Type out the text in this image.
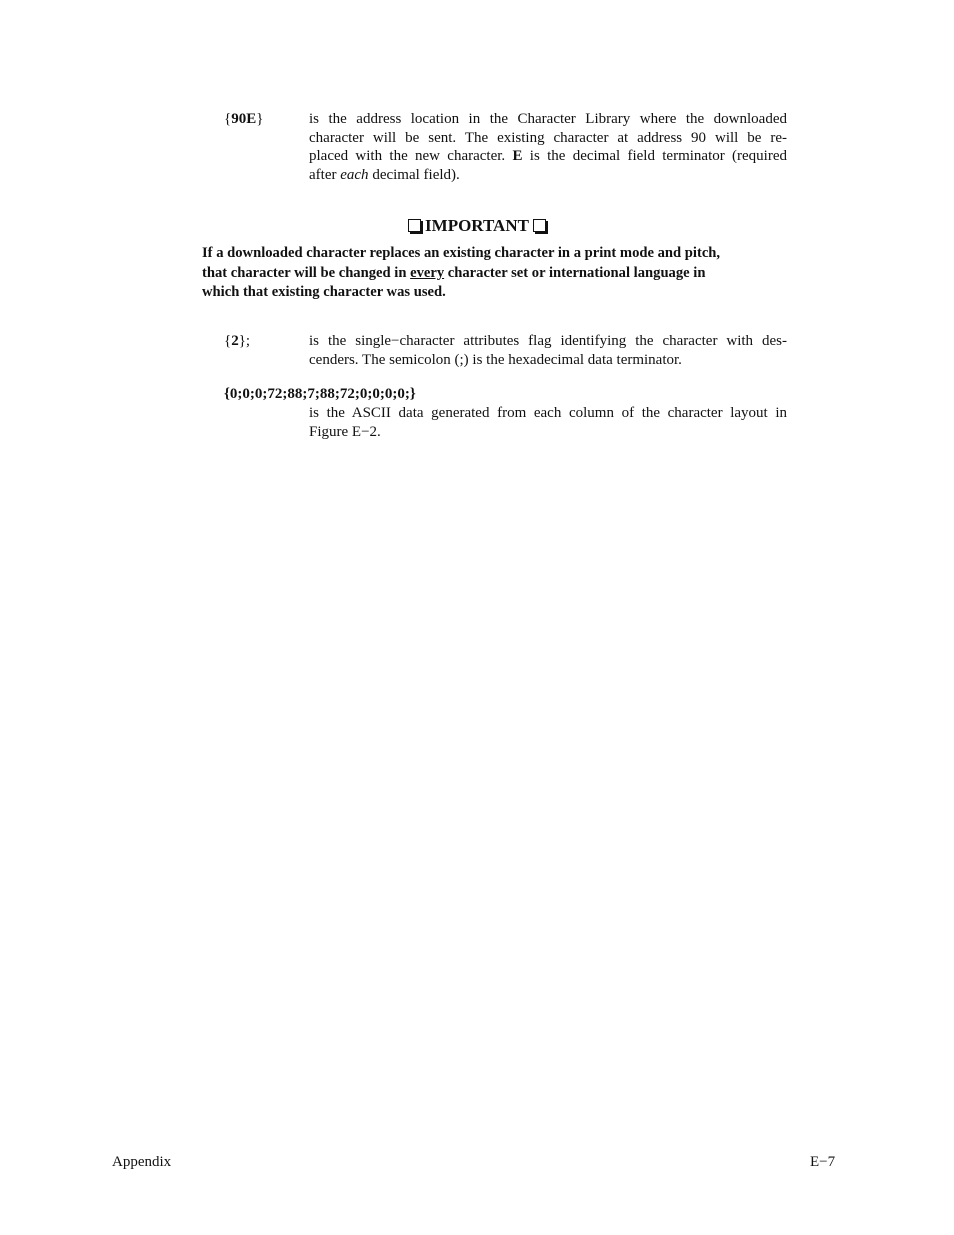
{90E}	is the address location in the Character Library where the downloaded
character will be sent. The existing character at address 90 will be re-
placed with the new character. E is the decimal field terminator (required
after each decimal field).
IMPORTANT
If a downloaded character replaces an existing character in a print mode and pitch,
that character will be changed in every character set or international language in
which that existing character was used.
{2};	is the single−character attributes flag identifying the character with des-
cenders. The semicolon (;) is the hexadecimal data terminator.
{0;0;0;72;88;7;88;72;0;0;0;0;}
is the ASCII data generated from each column of the character layout in
Figure E−2.
Appendix	E−7
